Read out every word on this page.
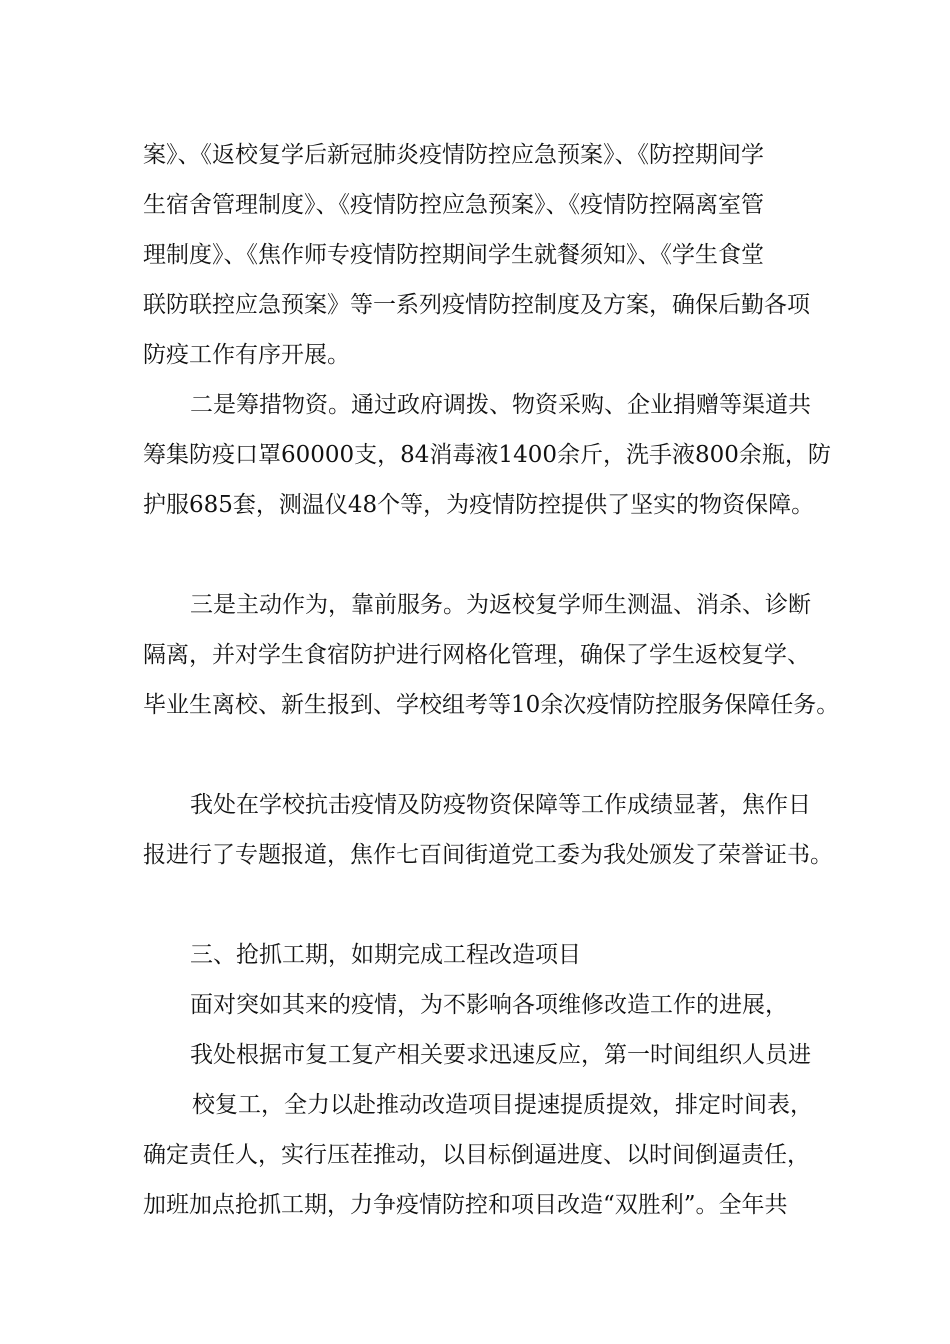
案》、《返校复学后新冠肺炎疫情防控应急预案》、《防控期间学
生宿舍管理制度》、《疫情防控应急预案》、《疫情防控隔离室管
理制度》、《焦作师专疫情防控期间学生就餐须知》、《学生食堂
联防联控应急预案》等一系列疫情防控制度及方案，确保后勤各项
防疫工作有序开展。
二是筹措物资。通过政府调拨、物资采购、企业捐赠等渠道共
筹集防疫口罩60000支，84消毒液1400余斤，洗手液800余瓶，防
护服685套，测温仪48个等，为疫情防控提供了坚实的物资保障。
三是主动作为，靠前服务。为返校复学师生测温、消杀、诊断
隔离，并对学生食宿防护进行网格化管理，确保了学生返校复学、
毕业生离校、新生报到、学校组考等10余次疫情防控服务保障任务。
我处在学校抗击疫情及防疫物资保障等工作成绩显著，焦作日
报进行了专题报道，焦作七百间街道党工委为我处颁发了荣誉证书。
三、抢抓工期，如期完成工程改造项目
面对突如其来的疫情，为不影响各项维修改造工作的进展，
我处根据市复工复产相关要求迅速反应，第一时间组织人员进
校复工，全力以赴推动改造项目提速提质提效，排定时间表，
确定责任人，实行压茬推动，以目标倒逼进度、以时间倒逼责任，
加班加点抢抓工期，力争疫情防控和项目改造“双胜利”。全年共
